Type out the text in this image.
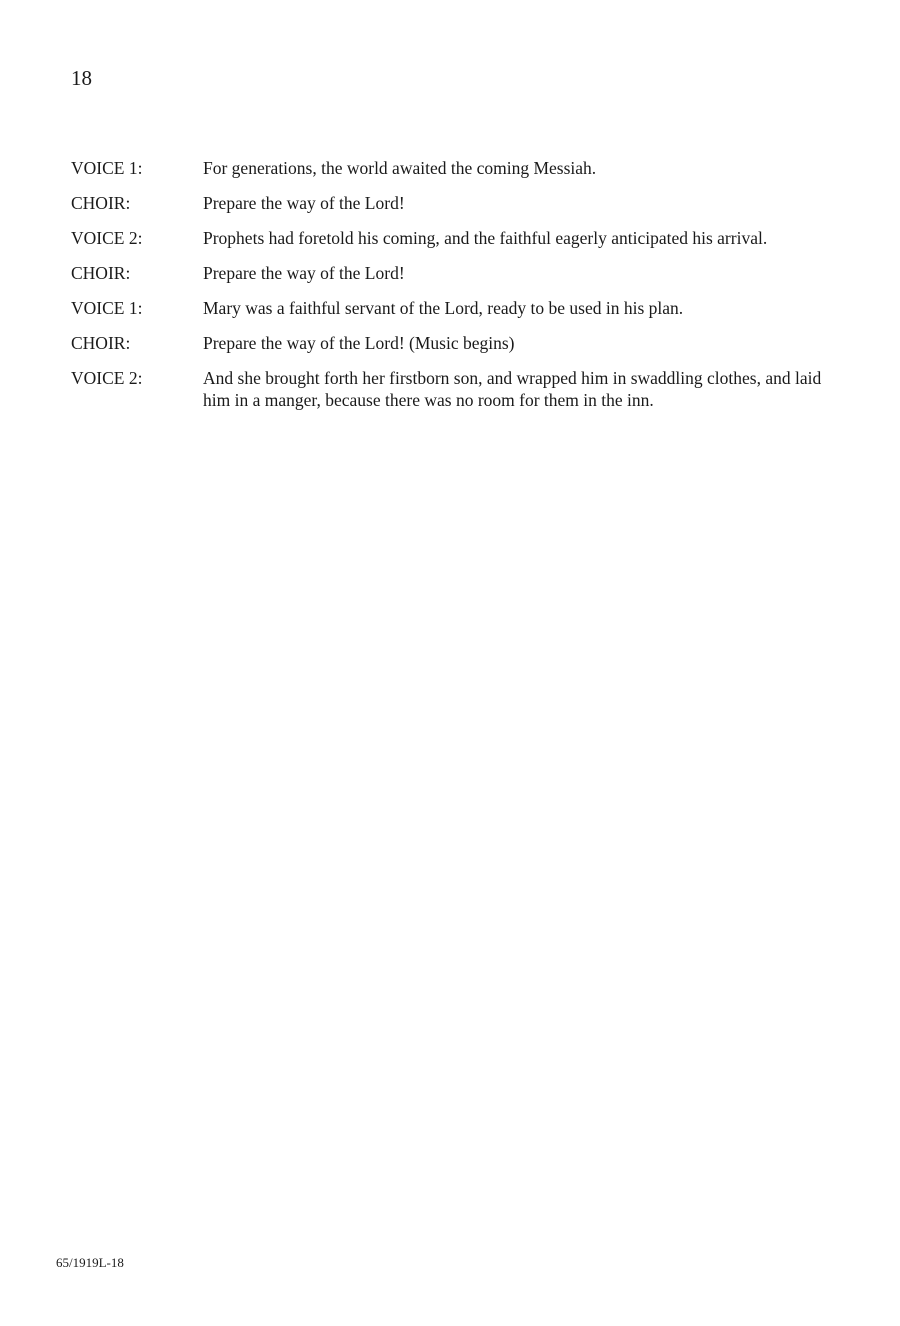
18
VOICE 1:	For generations, the world awaited the coming Messiah.
CHOIR:	Prepare the way of the Lord!
VOICE 2:	Prophets had foretold his coming, and the faithful eagerly anticipated his arrival.
CHOIR:	Prepare the way of the Lord!
VOICE 1:	Mary was a faithful servant of the Lord, ready to be used in his plan.
CHOIR:	Prepare the way of the Lord! (Music begins)
VOICE 2:	And she brought forth her firstborn son, and wrapped him in swaddling clothes, and laid him in a manger, because there was no room for them in the inn.
65/1919L-18
